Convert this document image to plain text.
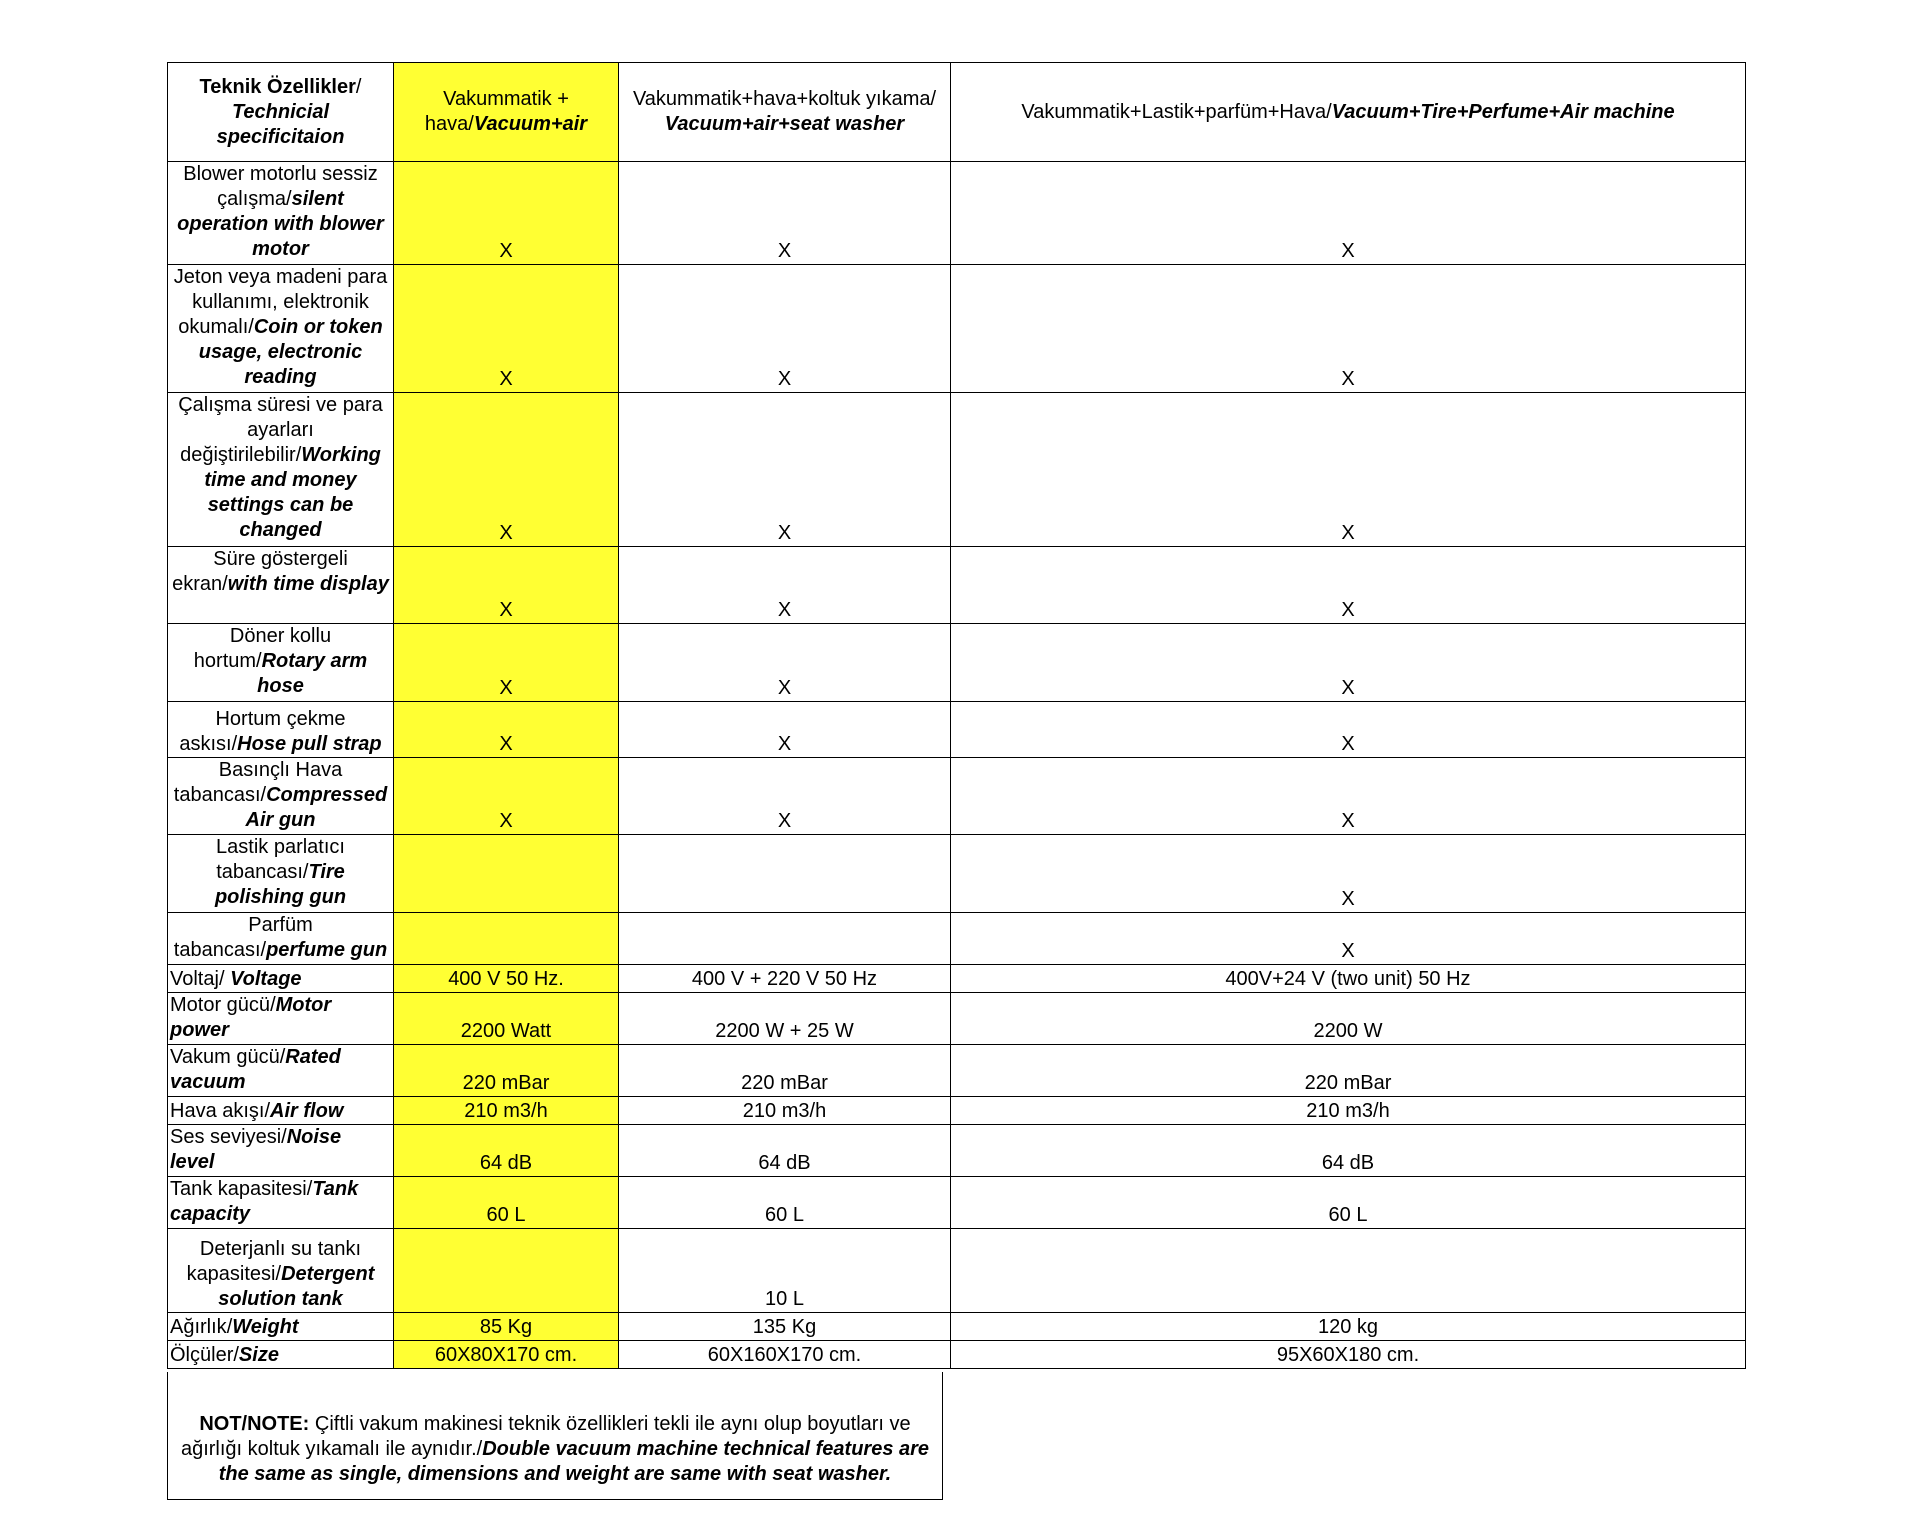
Teknik Özellikler/ Technicial specificitaion	Vakummatik + hava/Vacuum+air	Vakummatik+hava+koltuk yıkama/ Vacuum+air+seat washer	Vakummatik+Lastik+parfüm+Hava/Vacuum+Tire+Perfume+Air machine
Blower motorlu sessiz çalışma/silent operation with blower motor	X	X	X
Jeton veya madeni para kullanımı, elektronik okumalı/Coin or token usage, electronic reading	X	X	X
Çalışma süresi ve para ayarları değiştirilebilir/Working time and money settings can be changed	X	X	X
Süre göstergeli ekran/with time display	X	X	X
Döner kollu hortum/Rotary arm hose	X	X	X
Hortum çekme askısı/Hose pull strap	X	X	X
Basınçlı Hava tabancası/Compressed Air gun	X	X	X
Lastik parlatıcı tabancası/Tire polishing gun			X
Parfüm tabancası/perfume gun			X
Voltaj/ Voltage	400 V 50 Hz.	400 V + 220 V 50 Hz	400V+24 V (two unit) 50 Hz
Motor gücü/Motor power	2200 Watt	2200 W + 25 W	2200 W
Vakum gücü/Rated vacuum	220 mBar	220 mBar	220 mBar
Hava akışı/Air flow	210 m3/h	210 m3/h	210 m3/h
Ses seviyesi/Noise level	64 dB	64 dB	64 dB
Tank kapasitesi/Tank capacity	60 L	60 L	60 L
Deterjanlı su tankı kapasitesi/Detergent solution tank		10 L	
Ağırlık/Weight	85 Kg	135 Kg	120 kg
Ölçüler/Size	60X80X170 cm.	60X160X170 cm.	95X60X180 cm.
NOT/NOTE: Çiftli vakum makinesi teknik özellikleri tekli ile aynı olup boyutları ve ağırlığı koltuk yıkamalı ile aynıdır./Double vacuum machine technical features are the same as single, dimensions and weight are same with seat washer.
